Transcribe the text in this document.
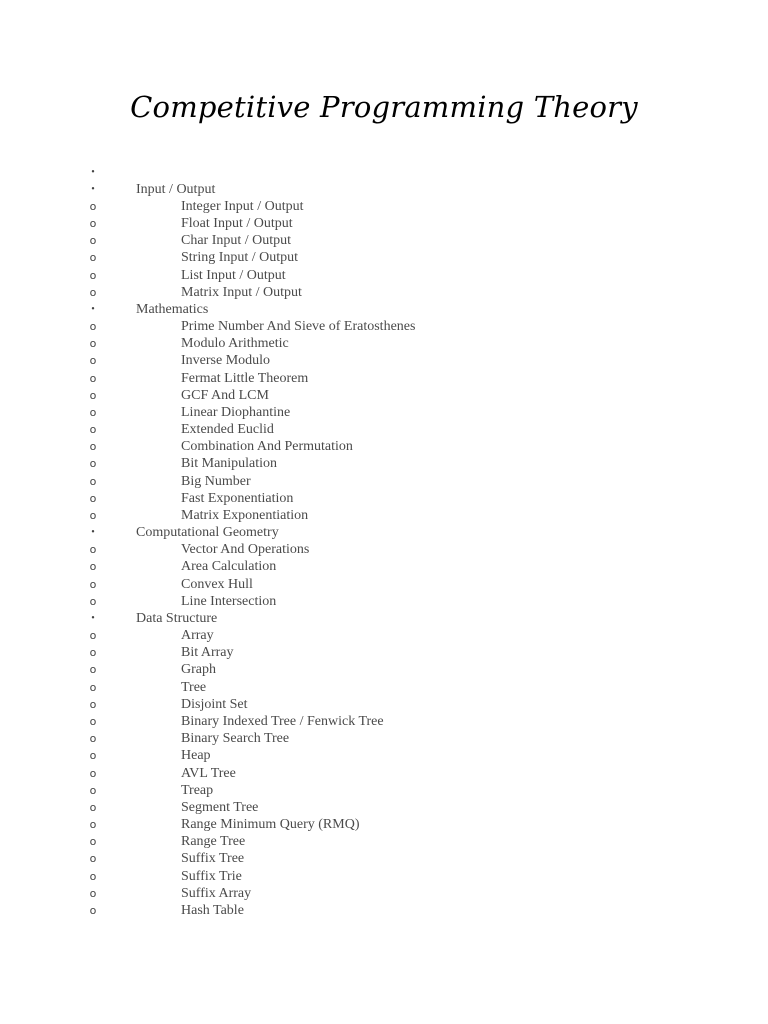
Competitive Programming Theory
•
•	Input / Output
o	Integer Input / Output
o	Float Input / Output
o	Char Input / Output
o	String Input / Output
o	List Input / Output
o	Matrix Input / Output
•	Mathematics
o	Prime Number And Sieve of Eratosthenes
o	Modulo Arithmetic
o	Inverse Modulo
o	Fermat Little Theorem
o	GCF And LCM
o	Linear Diophantine
o	Extended Euclid
o	Combination And Permutation
o	Bit Manipulation
o	Big Number
o	Fast Exponentiation
o	Matrix Exponentiation
•	Computational Geometry
o	Vector And Operations
o	Area Calculation
o	Convex Hull
o	Line Intersection
•	Data Structure
o	Array
o	Bit Array
o	Graph
o	Tree
o	Disjoint Set
o	Binary Indexed Tree / Fenwick Tree
o	Binary Search Tree
o	Heap
o	AVL Tree
o	Treap
o	Segment Tree
o	Range Minimum Query (RMQ)
o	Range Tree
o	Suffix Tree
o	Suffix Trie
o	Suffix Array
o	Hash Table
